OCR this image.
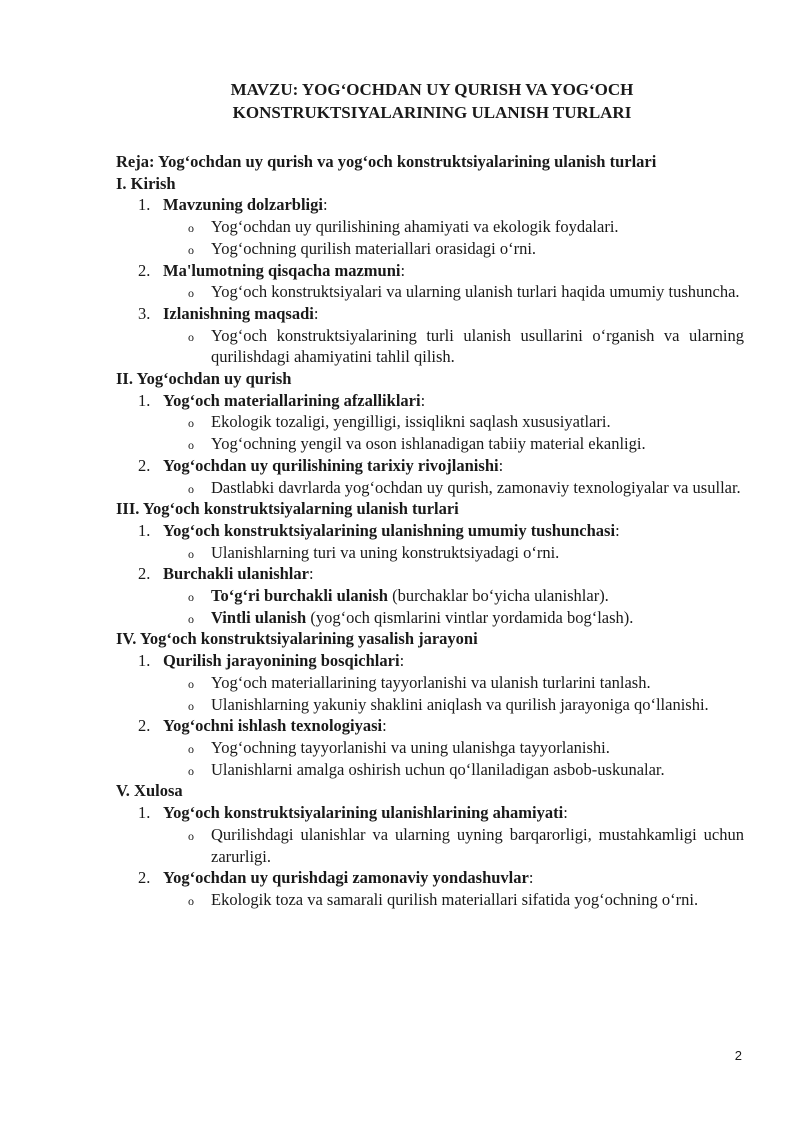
MAVZU: YOG‘OCHDAN UY QURISH VA YOG‘OCH
KONSTRUKTSIYALARINING ULANISH TURLARI

Reja: Yog‘ochdan uy qurish va yog‘och konstruktsiyalarining ulanish turlari

I. Kirish

1. Mavzuning dolzarbligi:

o Yog‘ochdan uy qurilishining ahamiyati va ekologik foydalari.
o Yog‘ochning qurilish materiallari orasidagi o‘rni.

2. Ma'lumotning qisqacha mazmuni:

o Yog‘och konstruktsiyalari va ularning ulanish turlari haqida umumiy tushuncha.

3. Izlanishning maqsadi:

o Yog‘och konstruktsiyalarining turli ulanish usullarini o‘rganish va ularning qurilishdagi ahamiyatini tahlil qilish.

II. Yog‘ochdan uy qurish

1. Yog‘och materiallarining afzalliklari:

o Ekologik tozaligi, yengilligi, issiqlikni saqlash xususiyatlari.
o Yog‘ochning yengil va oson ishlanadigan tabiiy material ekanligi.

2. Yog‘ochdan uy qurilishining tarixiy rivojlanishi:

o Dastlabki davrlarda yog‘ochdan uy qurish, zamonaviy texnologiyalar va usullar.

III. Yog‘och konstruktsiyalarning ulanish turlari

1. Yog‘och konstruktsiyalarining ulanishning umumiy tushunchasi:

o Ulanishlarning turi va uning konstruktsiyadagi o‘rni.

2. Burchakli ulanishlar:

o To‘g‘ri burchakli ulanish (burchaklar bo‘yicha ulanishlar).
o Vintli ulanish (yog‘och qismlarini vintlar yordamida bog‘lash).

IV. Yog‘och konstruktsiyalarining yasalish jarayoni

1. Qurilish jarayonining bosqichlari:

o Yog‘och materiallarining tayyorlanishi va ulanish turlarini tanlash.
o Ulanishlarning yakuniy shaklini aniqlash va qurilish jarayoniga qo‘llanishi.

2. Yog‘ochni ishlash texnologiyasi:

o Yog‘ochning tayyorlanishi va uning ulanishga tayyorlanishi.
o Ulanishlarni amalga oshirish uchun qo‘llaniladigan asbob-uskunalar.

V. Xulosa

1. Yog‘och konstruktsiyalarining ulanishlarining ahamiyati:

o Qurilishdagi ulanishlar va ularning uyning barqarorligi, mustahkamligi uchun zarurligi.

2. Yog‘ochdan uy qurishdagi zamonaviy yondashuvlar:

o Ekologik toza va samarali qurilish materiallari sifatida yog‘ochning o‘rni.
2
